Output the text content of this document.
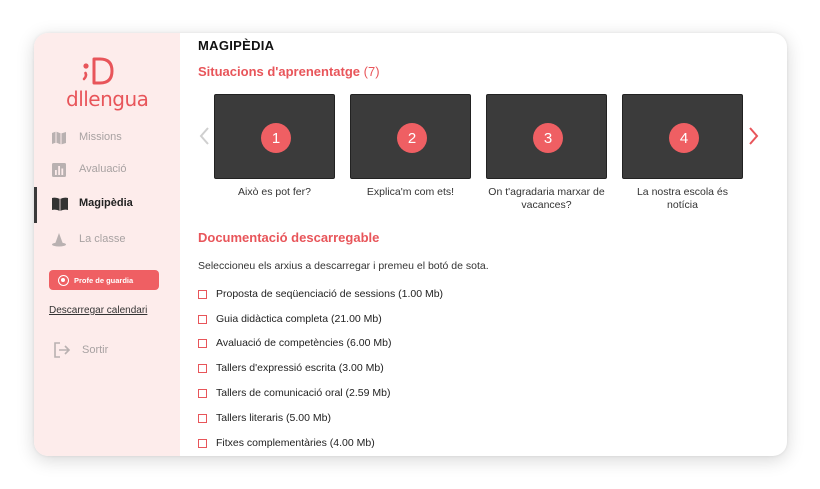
dllengua
Missions
Avaluació
Magipèdia
La classe
Profe de guardia
Descarregar calendari
Sortir
MAGIPÈDIA
Situacions d'aprenentatge (7)
1
Això es pot fer?
2
Explica'm com ets!
3
On t'agradaria marxar de vacances?
4
La nostra escola és notícia
Documentació descarregable
Seleccioneu els arxius a descarregar i premeu el botó de sota.
Proposta de seqüenciació de sessions (1.00 Mb)
Guia didàctica completa (21.00 Mb)
Avaluació de competències (6.00 Mb)
Tallers d'expressió escrita (3.00 Mb)
Tallers de comunicació oral (2.59 Mb)
Tallers literaris (5.00 Mb)
Fitxes complementàries (4.00 Mb)
